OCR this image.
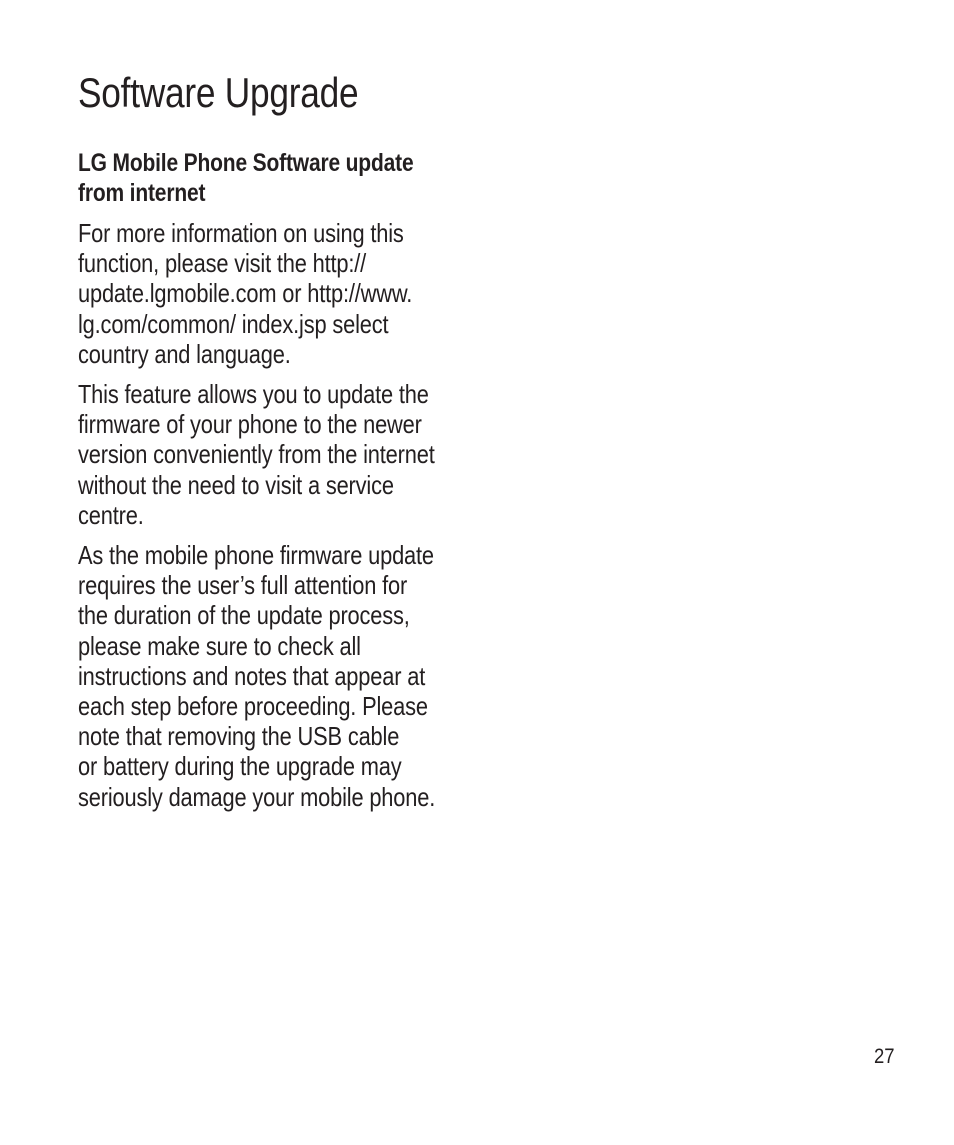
Software Upgrade
LG Mobile Phone Software update
from internet
For more information on using this
function, please visit the http://
update.lgmobile.com or http://www.
lg.com/common/ index.jsp select
country and language.
This feature allows you to update the
firmware of your phone to the newer
version conveniently from the internet
without the need to visit a service
centre.
As the mobile phone firmware update
requires the user’s full attention for
the duration of the update process,
please make sure to check all
instructions and notes that appear at
each step before proceeding. Please
note that removing the USB cable
or battery during the upgrade may
seriously damage your mobile phone.
27
